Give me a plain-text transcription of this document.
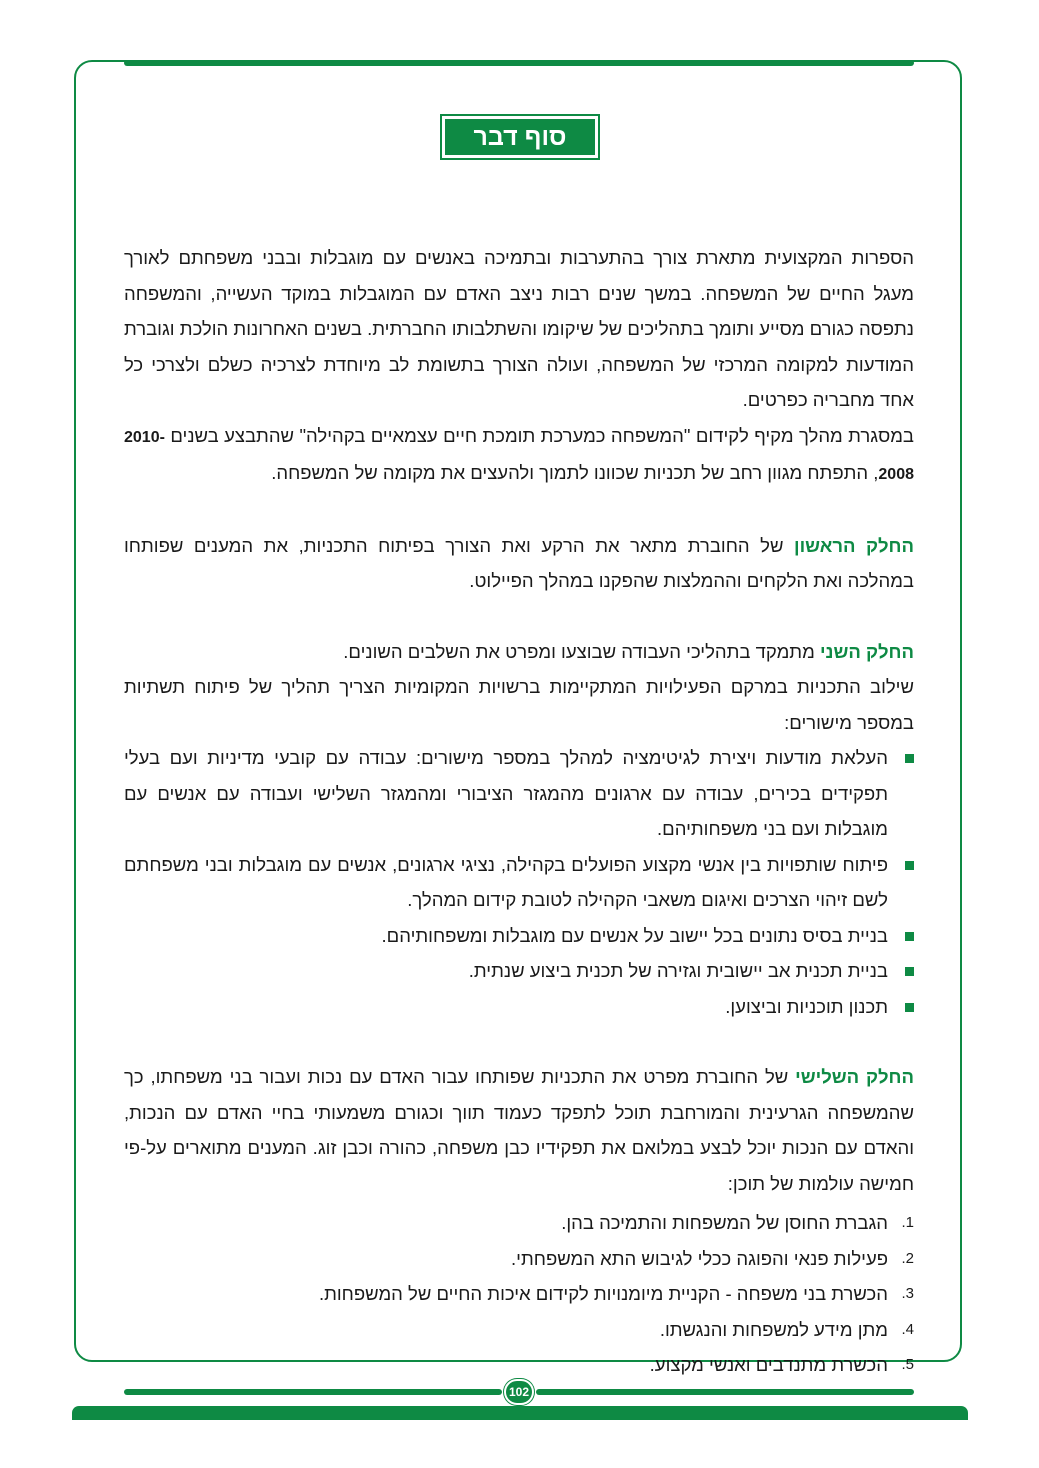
סוף דבר

הספרות המקצועית מתארת צורך בהתערבות ובתמיכה באנשים עם מוגבלות ובבני משפחתם לאורך מעגל החיים של המשפחה. במשך שנים רבות ניצב האדם עם המוגבלות במוקד העשייה, והמשפחה נתפסה כגורם מסייע ותומך בתהליכים של שיקומו והשתלבותו החברתית. בשנים האחרונות הולכת וגוברת המודעות למקומה המרכזי של המשפחה, ועולה הצורך בתשומת לב מיוחדת לצרכיה כשלם ולצרכי כל אחד מחבריה כפרטים.

במסגרת מהלך מקיף לקידום "המשפחה כמערכת תומכת חיים עצמאיים בקהילה" שהתבצע בשנים 2010-2008, התפתח מגוון רחב של תכניות שכוונו לתמוך ולהעצים את מקומה של המשפחה.

החלק הראשון של החוברת מתאר את הרקע ואת הצורך בפיתוח התכניות, את המענים שפותחו במהלכה ואת הלקחים וההמלצות שהפקנו במהלך הפיילוט.

החלק השני מתמקד בתהליכי העבודה שבוצעו ומפרט את השלבים השונים.

שילוב התכניות במרקם הפעילויות המתקיימות ברשויות המקומיות הצריך תהליך של פיתוח תשתיות במספר מישורים:

העלאת מודעות ויצירת לגיטימציה למהלך במספר מישורים: עבודה עם קובעי מדיניות ועם בעלי תפקידים בכירים, עבודה עם ארגונים מהמגזר הציבורי ומהמגזר השלישי ועבודה עם אנשים עם מוגבלות ועם בני משפחותיהם.
פיתוח שותפויות בין אנשי מקצוע הפועלים בקהילה, נציגי ארגונים, אנשים עם מוגבלות ובני משפחתם לשם זיהוי הצרכים ואיגום משאבי הקהילה לטובת קידום המהלך.
בניית בסיס נתונים בכל יישוב על אנשים עם מוגבלות ומשפחותיהם.
בניית תכנית אב יישובית וגזירה של תכנית ביצוע שנתית.
תכנון תוכניות וביצוען.

החלק השלישי של החוברת מפרט את התכניות שפותחו עבור האדם עם נכות ועבור בני משפחתו, כך שהמשפחה הגרעינית והמורחבת תוכל לתפקד כעמוד תווך וכגורם משמעותי בחיי האדם עם הנכות, והאדם עם הנכות יוכל לבצע במלואם את תפקידיו כבן משפחה, כהורה וכבן זוג. המענים מתוארים על-פי חמישה עולמות של תוכן:

1.
הגברת החוסן של המשפחות והתמיכה בהן.
2.
פעילות פנאי והפוגה ככלי לגיבוש התא המשפחתי.
3.
הכשרת בני משפחה - הקניית מיומנויות לקידום איכות החיים של המשפחות.
4.
מתן מידע למשפחות והנגשתו.
5.
הכשרת מתנדבים ואנשי מקצוע.
102
